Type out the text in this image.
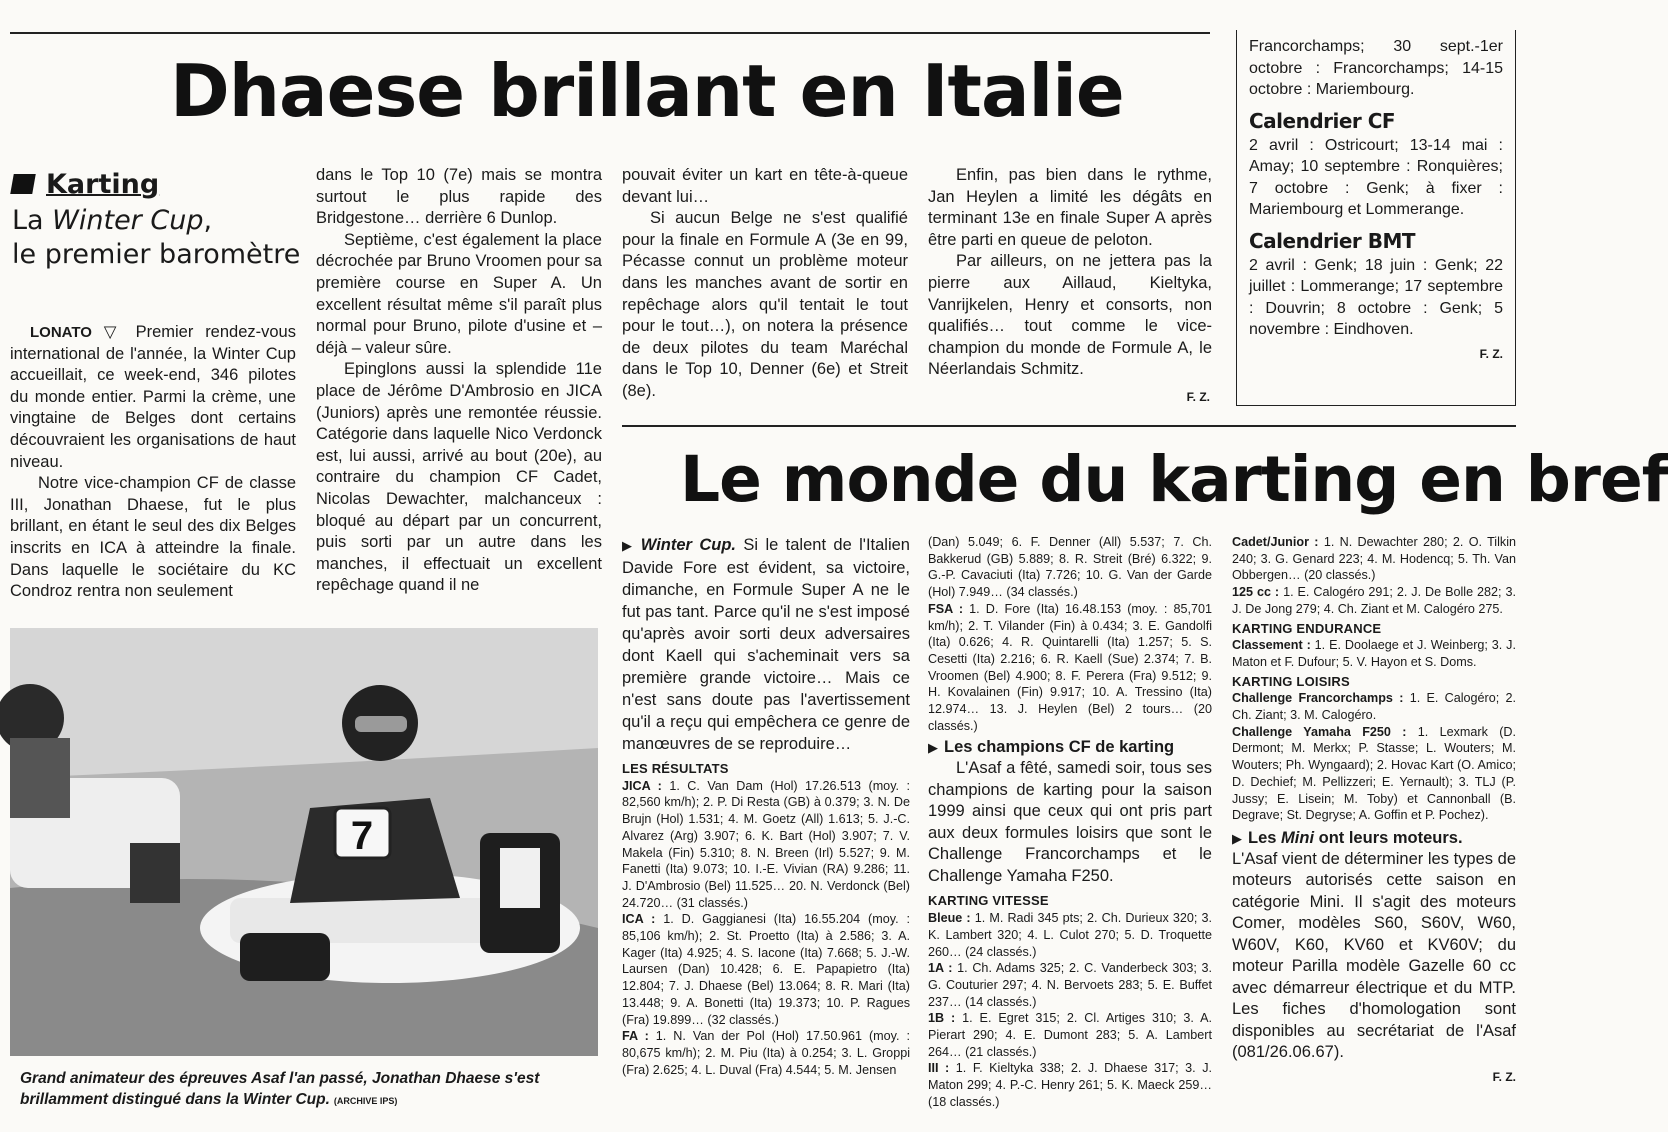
Dhaese brillant en Italie
Karting
La Winter Cup,
le premier baromètre

LONATO ▽ Premier rendez-vous international de l'année, la Winter Cup accueillait, ce week-end, 346 pilotes du monde entier. Parmi la crème, une vingtaine de Belges dont certains découvraient les organisations de haut niveau.

Notre vice-champion CF de classe III, Jonathan Dhaese, fut le plus brillant, en étant le seul des dix Belges inscrits en ICA à atteindre la finale. Dans laquelle le sociétaire du KC Condroz rentra non seulement

dans le Top 10 (7e) mais se montra surtout le plus rapide des Bridgestone… derrière 6 Dunlop.

Septième, c'est également la place décrochée par Bruno Vroomen pour sa première course en Super A. Un excellent résultat même s'il paraît plus normal pour Bruno, pilote d'usine et – déjà – valeur sûre.

Epinglons aussi la splendide 11e place de Jérôme D'Ambrosio en JICA (Juniors) après une remontée réussie. Catégorie dans laquelle Nico Verdonck est, lui aussi, arrivé au bout (20e), au contraire du champion CF Cadet, Nicolas Dewachter, malchanceux : bloqué au départ par un concurrent, puis sorti par un autre dans les manches, il effectuait un excellent repêchage quand il ne

pouvait éviter un kart en tête-à-queue devant lui…

Si aucun Belge ne s'est qualifié pour la finale en Formule A (3e en 99, Pécasse connut un problème moteur dans les manches avant de sortir en repêchage alors qu'il tentait le tout pour le tout…), on notera la présence de deux pilotes du team Maréchal dans le Top 10, Denner (6e) et Streit (8e).

Enfin, pas bien dans le rythme, Jan Heylen a limité les dégâts en terminant 13e en finale Super A après être parti en queue de peloton.

Par ailleurs, on ne jettera pas la pierre aux Aillaud, Kieltyka, Vanrijkelen, Henry et consorts, non qualifiés… tout comme le vice-champion du monde de Formule A, le Néerlandais Schmitz.

F. Z.
Francorchamps; 30 sept.-1er octobre : Francorchamps; 14-15 octobre : Mariembourg.
Calendrier CF
2 avril : Ostricourt; 13-14 mai : Amay; 10 septembre : Ronquières; 7 octobre : Genk; à fixer : Mariembourg et Lommerange.
Calendrier BMT
2 avril : Genk; 18 juin : Genk; 22 juillet : Lommerange; 17 septembre : Douvrin; 8 octobre : Genk; 5 novembre : Eindhoven.
F. Z.
Le monde du karting en bref
7
Grand animateur des épreuves Asaf l'an passé, Jonathan Dhaese s'est brillamment distingué dans la Winter Cup. (ARCHIVE IPS)

▶ Winter Cup. Si le talent de l'Italien Davide Fore est évident, sa victoire, dimanche, en Formule Super A ne le fut pas tant. Parce qu'il ne s'est imposé qu'après avoir sorti deux adversaires dont Kaell qui s'acheminait vers sa première grande victoire… Mais ce n'est sans doute pas l'avertissement qu'il a reçu qui empêchera ce genre de manœuvres de se reproduire…

LES RÉSULTATS

JICA : 1. C. Van Dam (Hol) 17.26.513 (moy. : 82,560 km/h); 2. P. Di Resta (GB) à 0.379; 3. N. De Brujn (Hol) 1.531; 4. M. Goetz (All) 1.613; 5. J.-C. Alvarez (Arg) 3.907; 6. K. Bart (Hol) 3.907; 7. V. Makela (Fin) 5.310; 8. N. Breen (Irl) 5.527; 9. M. Fanetti (Ita) 9.073; 10. I.-E. Vivian (RA) 9.286; 11. J. D'Ambrosio (Bel) 11.525… 20. N. Verdonck (Bel) 24.720… (31 classés.)

ICA : 1. D. Gaggianesi (Ita) 16.55.204 (moy. : 85,106 km/h); 2. St. Proetto (Ita) à 2.586; 3. A. Kager (Ita) 4.925; 4. S. Iacone (Ita) 7.668; 5. J.-W. Laursen (Dan) 10.428; 6. E. Papapietro (Ita) 12.804; 7. J. Dhaese (Bel) 13.064; 8. R. Mari (Ita) 13.448; 9. A. Bonetti (Ita) 19.373; 10. P. Ragues (Fra) 19.899… (32 classés.)

FA : 1. N. Van der Pol (Hol) 17.50.961 (moy. : 80,675 km/h); 2. M. Piu (Ita) à 0.254; 3. L. Groppi (Fra) 2.625; 4. L. Duval (Fra) 4.544; 5. M. Jensen

(Dan) 5.049; 6. F. Denner (All) 5.537; 7. Ch. Bakkerud (GB) 5.889; 8. R. Streit (Bré) 6.322; 9. G.-P. Cavaciuti (Ita) 7.726; 10. G. Van der Garde (Hol) 7.949… (34 classés.)

FSA : 1. D. Fore (Ita) 16.48.153 (moy. : 85,701 km/h); 2. T. Vilander (Fin) à 0.434; 3. E. Gandolfi (Ita) 0.626; 4. R. Quintarelli (Ita) 1.257; 5. S. Cesetti (Ita) 2.216; 6. R. Kaell (Sue) 2.374; 7. B. Vroomen (Bel) 4.900; 8. F. Perera (Fra) 9.512; 9. H. Kovalainen (Fin) 9.917; 10. A. Tressino (Ita) 12.974… 13. J. Heylen (Bel) 2 tours… (20 classés.)

▶ Les champions CF de karting

L'Asaf a fêté, samedi soir, tous ses champions de karting pour la saison 1999 ainsi que ceux qui ont pris part aux deux formules loisirs que sont le Challenge Francorchamps et le Challenge Yamaha F250.

KARTING VITESSE

Bleue : 1. M. Radi 345 pts; 2. Ch. Durieux 320; 3. K. Lambert 320; 4. L. Culot 270; 5. D. Troquette 260… (24 classés.)

1A : 1. Ch. Adams 325; 2. C. Vanderbeck 303; 3. G. Couturier 297; 4. N. Bervoets 283; 5. E. Buffet 237… (14 classés.)

1B : 1. E. Egret 315; 2. Cl. Artiges 310; 3. A. Pierart 290; 4. E. Dumont 283; 5. A. Lambert 264… (21 classés.)

III : 1. F. Kieltyka 338; 2. J. Dhaese 317; 3. J. Maton 299; 4. P.-C. Henry 261; 5. K. Maeck 259… (18 classés.)

Cadet/Junior : 1. N. Dewachter 280; 2. O. Tilkin 240; 3. G. Genard 223; 4. M. Hodencq; 5. Th. Van Obbergen… (20 classés.)

125 cc : 1. E. Calogéro 291; 2. J. De Bolle 282; 3. J. De Jong 279; 4. Ch. Ziant et M. Calogéro 275.

KARTING ENDURANCE

Classement : 1. E. Doolaege et J. Weinberg; 3. J. Maton et F. Dufour; 5. V. Hayon et S. Doms.

KARTING LOISIRS

Challenge Francorchamps : 1. E. Calogéro; 2. Ch. Ziant; 3. M. Calogéro.

Challenge Yamaha F250 : 1. Lexmark (D. Dermont; M. Merkx; P. Stasse; L. Wouters; M. Wouters; Ph. Wyngaard); 2. Hovac Kart (O. Amico; D. Dechief; M. Pellizzeri; E. Yernault); 3. TLJ (P. Jussy; E. Lisein; M. Toby) et Cannonball (B. Degrave; St. Degryse; A. Goffin et P. Pochez).

▶ Les Mini ont leurs moteurs.

L'Asaf vient de déterminer les types de moteurs autorisés cette saison en catégorie Mini. Il s'agit des moteurs Comer, modèles S60, S60V, W60, W60V, K60, KV60 et KV60V; du moteur Parilla modèle Gazelle 60 cc avec démarreur électrique et du MTP. Les fiches d'homologation sont disponibles au secrétariat de l'Asaf (081/26.06.67).

F. Z.
